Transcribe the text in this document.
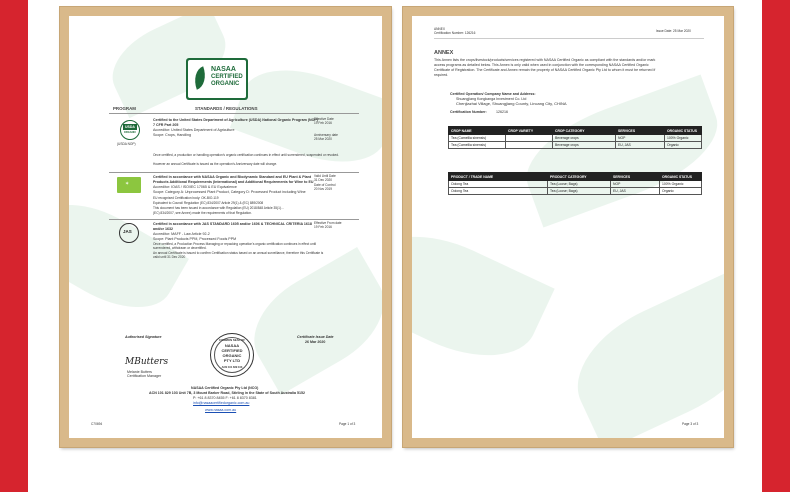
NASAA
CERTIFIED
ORGANIC
PROGRAM	STANDARDS / REGULATIONS
USDA
ORGANIC
(USDA NOP)
Certified to the United States Department of Agriculture (USDA) National Organic Program (NOP)
7 CFR Part 205
Accreditor: United States Department of Agriculture
Scope: Crops, Handling
Once certified, a production or handling operation's organic certification continues in effect until surrendered, suspended or revoked.
However an annual Certificate is issued as the operation's Anniversary date will change.
Effective Date
19 Feb 2016
Anniversary date
25 Mar 2020
✶
Certified in accordance with NASAA Organic and Biodynamic Standard and EU Plant & Plant
Products Additional Requirements (International) and Additional Requirements for Wine to EU
Accreditor: IOAS / ISO/IEC 17065 & EU Equivalence
Scope: Category A: Unprocessed Plant Product, Category D: Processed Product including Wine
EU recognised Certification body: OK-BIO-119
Equivalent to Council Regulation (EC) 834/2007 Article 29(1) & (EC) 889/2008
This document has been issued in accordance with Regulation (EU) 2018/848 Article 35(1)...
(EC) 834/2007, see Annex) made the requirements of that Regulation.
Valid Until Date
31 Dec 2020
Date of Control
20 Nov 2019
JAS
Certified in accordance with JAS STANDARD 1605 and/or 1606 & TECHNICAL CRITERIA 1618
and/or 1632
Accreditor: MAFF - Law Article 92-2
Scope: Plant Products PPM, Processed Foods PPM
Once certified, a Production Process Managing or repacking operation's organic certification continues in effect until
surrendered, withdrawn or decertified.
An annual Certificate is issued to confirm Certification status based on an annual surveillance, therefore this Certificate is
valid until 31 Dec 2020
Effective From date
19 Feb 2016
Authorised Signature
MButters
Melanie Butters
Certification Manager
COMMON SEAL OF
NASAA
CERTIFIED
ORGANIC
PTY LTD
ACN 101 829 103
Certificate Issue Date
26 Mar 2020
NASAA Certified Organic Pty Ltd (NCO)
ACN 101 829 103 Unit 7B, 3 Mount Barker Road, Stirling in the State of South Australia 5152
P: +61 8 8370 8455 F: +61 8 8370 8381
info@nasaacertifiedorganic.com.au
www.nasaa.com.au
C70694	Page 1 of 3
ANNEX
Certification Number: 126216	Issue Date: 25 Mar 2020
ANNEX
This Annex lists the crops/livestock/products/services registered with NASAA Certified Organic as compliant with the standards and/or mark
access programs as detailed below. This Annex is only valid when used in conjunction with the corresponding NASAA Certified Organic
Certificate of Registration. The Certificate and Annex remain the property of NASAA Certified Organic Pty Ltd to whom it must be returned if
required.
Certified Operation/ Company Name and Address:
Shuangjiang Kongkanga Investment Co. Ltd
Chenjiazhai Village, Shuangjiang County, Lincang City, CHINA
Certification Number:	126216
CROP NAME	CROP VARIETY	CROP CATEGORY	SERVICES	ORGANIC STATUS
Tea (Camellia sinensis)		Beverage crops	NOP	100% Organic
Tea (Camellia sinensis)		Beverage crops	EU, JAS	Organic
PRODUCT / TRADE NAME	PRODUCT CATEGORY	SERVICES	ORGANIC STATUS
Oolong Tea	Tea (Loose; Bags)	NOP	100% Organic
Oolong Tea	Tea (Loose; Bags)	EU, JAS	Organic
Page 3 of 3
